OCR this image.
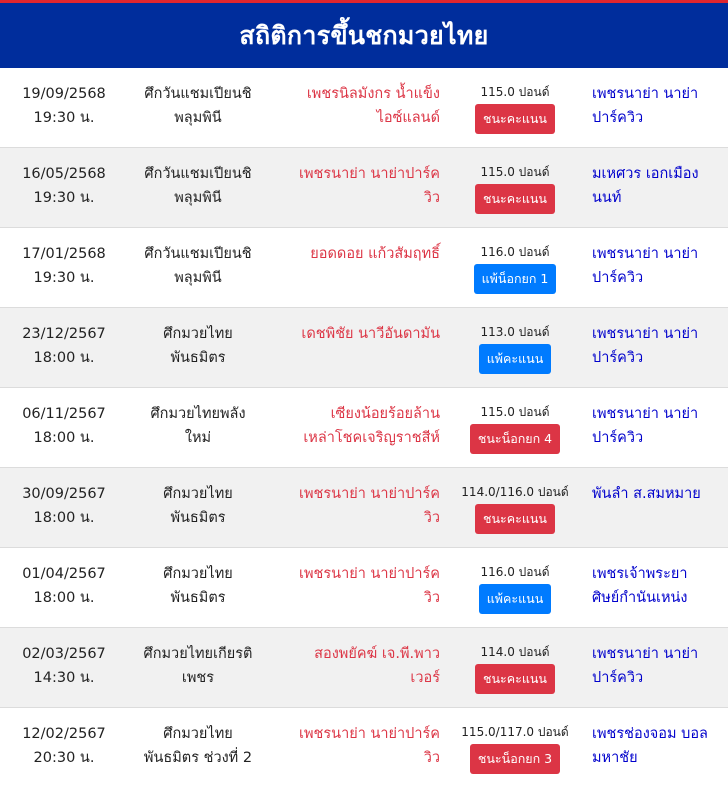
สถิติการขึ้นชกมวยไทย
19/09/2568
19:30 น.
ศึกวันแชมเปียนชิ
พลุมพินี
เพชรนิลมังกร น้ำแข็ง
ไอซ์แลนด์
115.0 ปอนด์
ชนะคะแนน
เพชรนาย่า นาย่า
ปาร์ควิว
16/05/2568
19:30 น.
ศึกวันแชมเปียนชิ
พลุมพินี
เพชรนาย่า นาย่าปาร์ค
วิว
115.0 ปอนด์
ชนะคะแนน
มเหศวร เอกเมือง
นนท์
17/01/2568
19:30 น.
ศึกวันแชมเปียนชิ
พลุมพินี
ยอดดอย แก้วสัมฤทธิ์	116.0 ปอนด์
แพ้น็อกยก 1
เพชรนาย่า นาย่า
ปาร์ควิว
23/12/2567
18:00 น.
ศึกมวยไทย
พันธมิตร
เดชพิชัย นาวีอันดามัน	113.0 ปอนด์
แพ้คะแนน
เพชรนาย่า นาย่า
ปาร์ควิว
06/11/2567
18:00 น.
ศึกมวยไทยพลัง
ใหม่
เซียงน้อยร้อยล้าน
เหล่าโชคเจริญราชสีห์
115.0 ปอนด์
ชนะน็อกยก 4
เพชรนาย่า นาย่า
ปาร์ควิว
30/09/2567
18:00 น.
ศึกมวยไทย
พันธมิตร
เพชรนาย่า นาย่าปาร์ค
วิว
114.0/116.0 ปอนด์
ชนะคะแนน
พันลำ ส.สมหมาย
01/04/2567
18:00 น.
ศึกมวยไทย
พันธมิตร
เพชรนาย่า นาย่าปาร์ค
วิว
116.0 ปอนด์
แพ้คะแนน
เพชรเจ้าพระยา
ศิษย์กำนันเหน่ง
02/03/2567
14:30 น.
ศึกมวยไทยเกียรติ
เพชร
สองพยัคฆ์ เจ.พี.พาว
เวอร์
114.0 ปอนด์
ชนะคะแนน
เพชรนาย่า นาย่า
ปาร์ควิว
12/02/2567
20:30 น.
ศึกมวยไทย
พันธมิตร ช่วงที่ 2
เพชรนาย่า นาย่าปาร์ค
วิว
115.0/117.0 ปอนด์
ชนะน็อกยก 3
เพชรช่องจอม บอล
มหาชัย
